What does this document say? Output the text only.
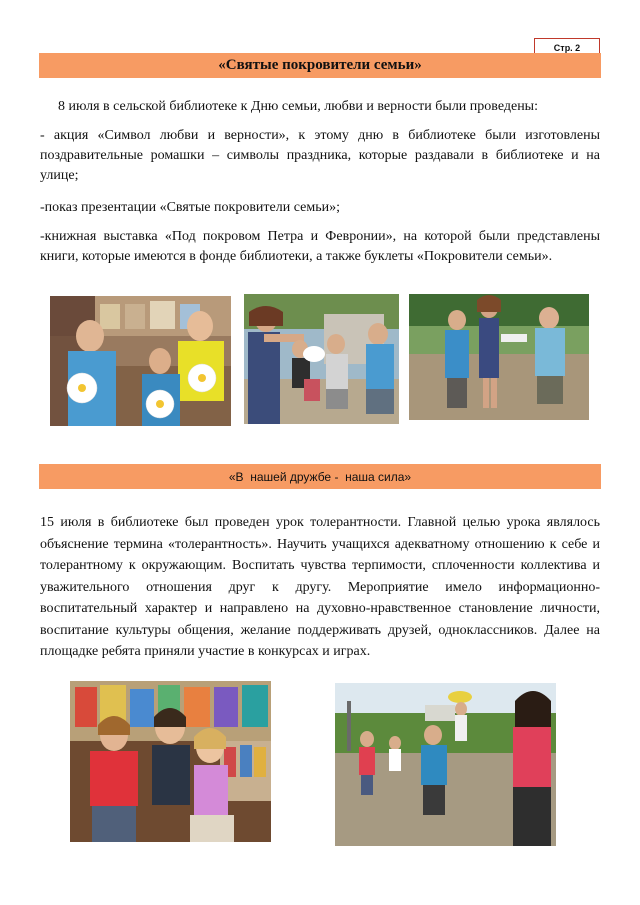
Стр. 2
«Святые покровители семьи»

8 июля в сельской библиотеке к Дню семьи, любви и верности были проведены:

- акция «Символ любви и верности», к этому дню в библиотеке были изготовлены поздравительные ромашки – символы праздника, которые раздавали в библиотеке и на улице;

-показ презентации «Святые покровители семьи»;

-книжная выставка «Под покровом Петра и Февронии», на которой были представлены книги, которые имеются в фонде библиотеки, а также буклеты «Покровители семьи».

«В  нашей дружбе -  наша сила»

15 июля в библиотеке был проведен урок толерантности. Главной целью урока являлось объяснение термина «толерантность». Научить учащихся адекватному отношению к себе и толерантному к окружающим. Воспитать чувства терпимости, сплоченности коллектива и уважительного отношения друг к другу. Мероприятие имело информационно-воспитательный характер и направлено на духовно-нравственное становление личности, воспитание культуры общения, желание поддерживать друзей, одноклассников. Далее на площадке ребята приняли участие в конкурсах и играх.
